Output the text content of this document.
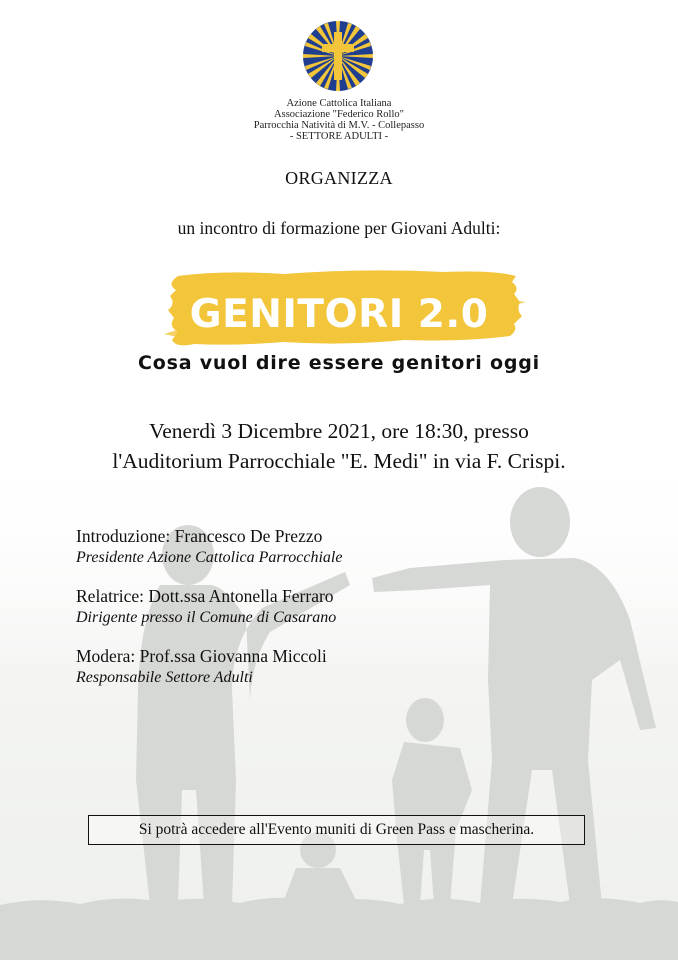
Azione Cattolica Italiana
Associazione "Federico Rollo"
Parrocchia Natività di M.V. - Collepasso
- SETTORE ADULTI -
ORGANIZZA
un incontro di formazione per Giovani Adulti:
GENITORI 2.0
Cosa vuol dire essere genitori oggi
Venerdì 3 Dicembre 2021, ore 18:30, presso
l'Auditorium Parrocchiale "E. Medi" in via F. Crispi.
Introduzione: Francesco De Prezzo
Presidente Azione Cattolica Parrocchiale
Relatrice: Dott.ssa Antonella Ferraro
Dirigente presso il Comune di Casarano
Modera: Prof.ssa Giovanna Miccoli
Responsabile Settore Adulti
Si potrà accedere all'Evento muniti di Green Pass e mascherina.
